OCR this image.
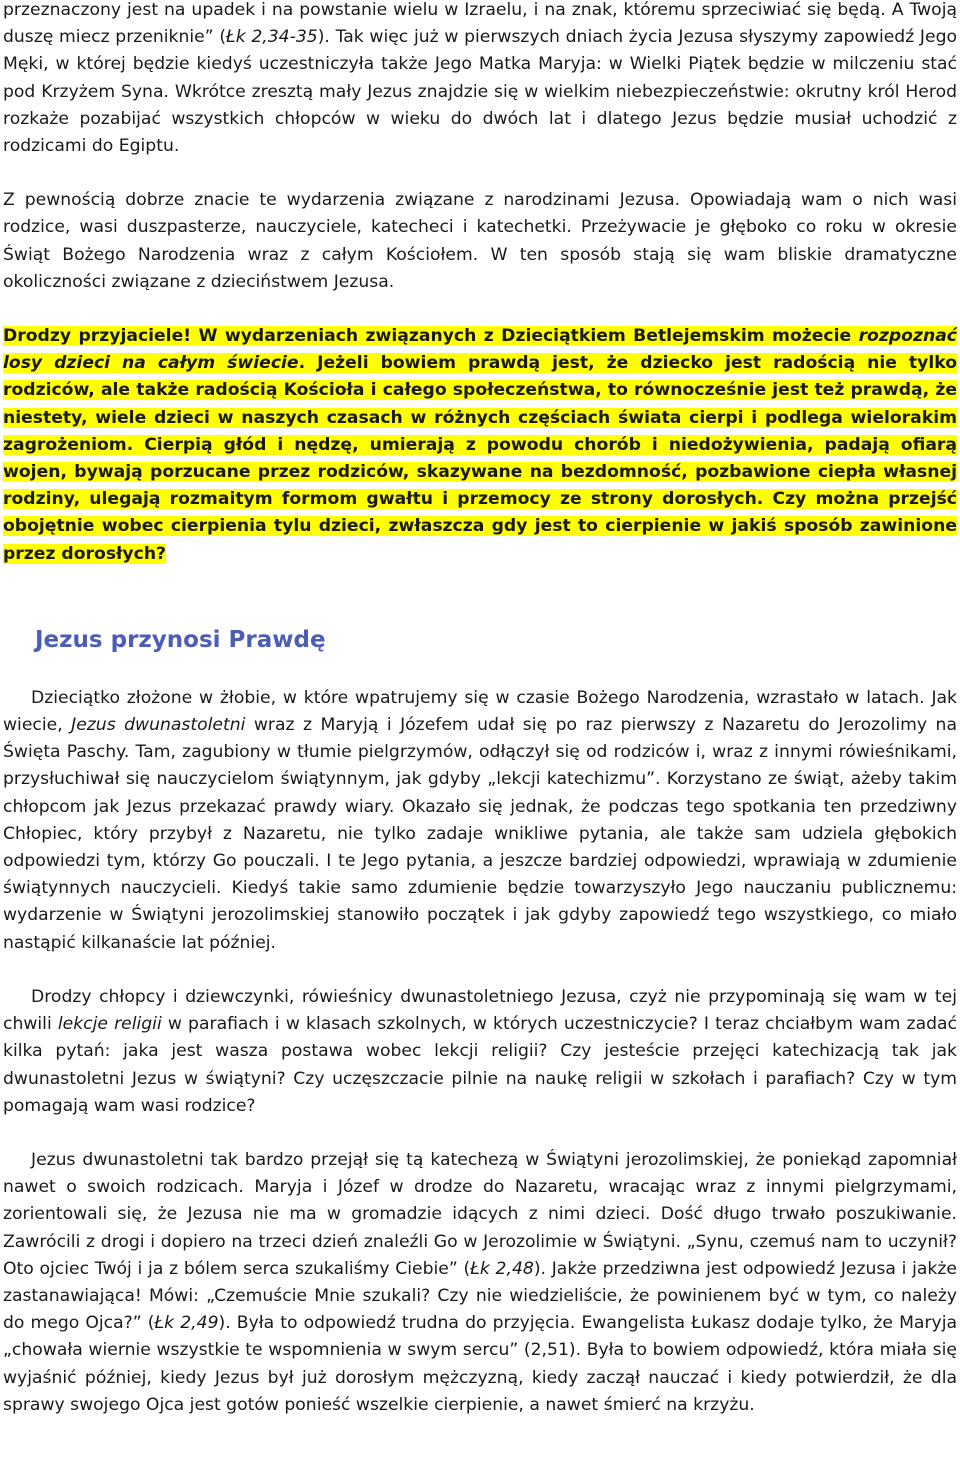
przeznaczony jest na upadek i na powstanie wielu w Izraelu, i na znak, któremu sprzeciwiać się będą. A Twoją duszę miecz przeniknie” (Łk 2,34-35). Tak więc już w pierwszych dniach życia Jezusa słyszymy zapowiedź Jego Męki, w której będzie kiedyś uczestniczyła także Jego Matka Maryja: w Wielki Piątek będzie w milczeniu stać pod Krzyżem Syna. Wkrótce zresztą mały Jezus znajdzie się w wielkim niebezpieczeństwie: okrutny król Herod rozkaże pozabijać wszystkich chłopców w wieku do dwóch lat i dlatego Jezus będzie musiał uchodzić z rodzicami do Egiptu.

Z pewnością dobrze znacie te wydarzenia związane z narodzinami Jezusa. Opowiadają wam o nich wasi rodzice, wasi duszpasterze, nauczyciele, katecheci i katechetki. Przeżywacie je głęboko co roku w okresie Świąt Bożego Narodzenia wraz z całym Kościołem. W ten sposób stają się wam bliskie dramatyczne okoliczności związane z dzieciństwem Jezusa.

Drodzy przyjaciele! W wydarzeniach związanych z Dzieciątkiem Betlejemskim możecie rozpoznać losy dzieci na całym świecie. Jeżeli bowiem prawdą jest, że dziecko jest radością nie tylko rodziców, ale także radością Kościoła i całego społeczeństwa, to równocześnie jest też prawdą, że niestety, wiele dzieci w naszych czasach w różnych częściach świata cierpi i podlega wielorakim zagrożeniom. Cierpią głód i nędzę, umierają z powodu chorób i niedożywienia, padają ofiarą wojen, bywają porzucane przez rodziców, skazywane na bezdomność, pozbawione ciepła własnej rodziny, ulegają rozmaitym formom gwałtu i przemocy ze strony dorosłych. Czy można przejść obojętnie wobec cierpienia tylu dzieci, zwłaszcza gdy jest to cierpienie w jakiś sposób zawinione przez dorosłych?

Jezus przynosi Prawdę

Dzieciątko złożone w żłobie, w które wpatrujemy się w czasie Bożego Narodzenia, wzrastało w latach. Jak wiecie, Jezus dwunastoletni wraz z Maryją i Józefem udał się po raz pierwszy z Nazaretu do Jerozolimy na Święta Paschy. Tam, zagubiony w tłumie pielgrzymów, odłączył się od rodziców i, wraz z innymi rówieśnikami, przysłuchiwał się nauczycielom świątynnym, jak gdyby „lekcji katechizmu”. Korzystano ze świąt, ażeby takim chłopcom jak Jezus przekazać prawdy wiary. Okazało się jednak, że podczas tego spotkania ten przedziwny Chłopiec, który przybył z Nazaretu, nie tylko zadaje wnikliwe pytania, ale także sam udziela głębokich odpowiedzi tym, którzy Go pouczali. I te Jego pytania, a jeszcze bardziej odpowiedzi, wprawiają w zdumienie świątynnych nauczycieli. Kiedyś takie samo zdumienie będzie towarzyszyło Jego nauczaniu publicznemu: wydarzenie w Świątyni jerozolimskiej stanowiło początek i jak gdyby zapowiedź tego wszystkiego, co miało nastąpić kilkanaście lat później.

Drodzy chłopcy i dziewczynki, rówieśnicy dwunastoletniego Jezusa, czyż nie przypominają się wam w tej chwili lekcje religii w parafiach i w klasach szkolnych, w których uczestniczycie? I teraz chciałbym wam zadać kilka pytań: jaka jest wasza postawa wobec lekcji religii? Czy jesteście przejęci katechizacją tak jak dwunastoletni Jezus w świątyni? Czy uczęszczacie pilnie na naukę religii w szkołach i parafiach? Czy w tym pomagają wam wasi rodzice?

Jezus dwunastoletni tak bardzo przejął się tą katechezą w Świątyni jerozolimskiej, że poniekąd zapomniał nawet o swoich rodzicach. Maryja i Józef w drodze do Nazaretu, wracając wraz z innymi pielgrzymami, zorientowali się, że Jezusa nie ma w gromadzie idących z nimi dzieci. Dość długo trwało poszukiwanie. Zawrócili z drogi i dopiero na trzeci dzień znaleźli Go w Jerozolimie w Świątyni. „Synu, czemuś nam to uczynił? Oto ojciec Twój i ja z bólem serca szukaliśmy Ciebie” (Łk 2,48). Jakże przedziwna jest odpowiedź Jezusa i jakże zastanawiająca! Mówi: „Czemuście Mnie szukali? Czy nie wiedzieliście, że powinienem być w tym, co należy do mego Ojca?” (Łk 2,49). Była to odpowiedź trudna do przyjęcia. Ewangelista Łukasz dodaje tylko, że Maryja „chowała wiernie wszystkie te wspomnienia w swym sercu” (2,51). Była to bowiem odpowiedź, która miała się wyjaśnić później, kiedy Jezus był już dorosłym mężczyzną, kiedy zaczął nauczać i kiedy potwierdził, że dla sprawy swojego Ojca jest gotów ponieść wszelkie cierpienie, a nawet śmierć na krzyżu.
